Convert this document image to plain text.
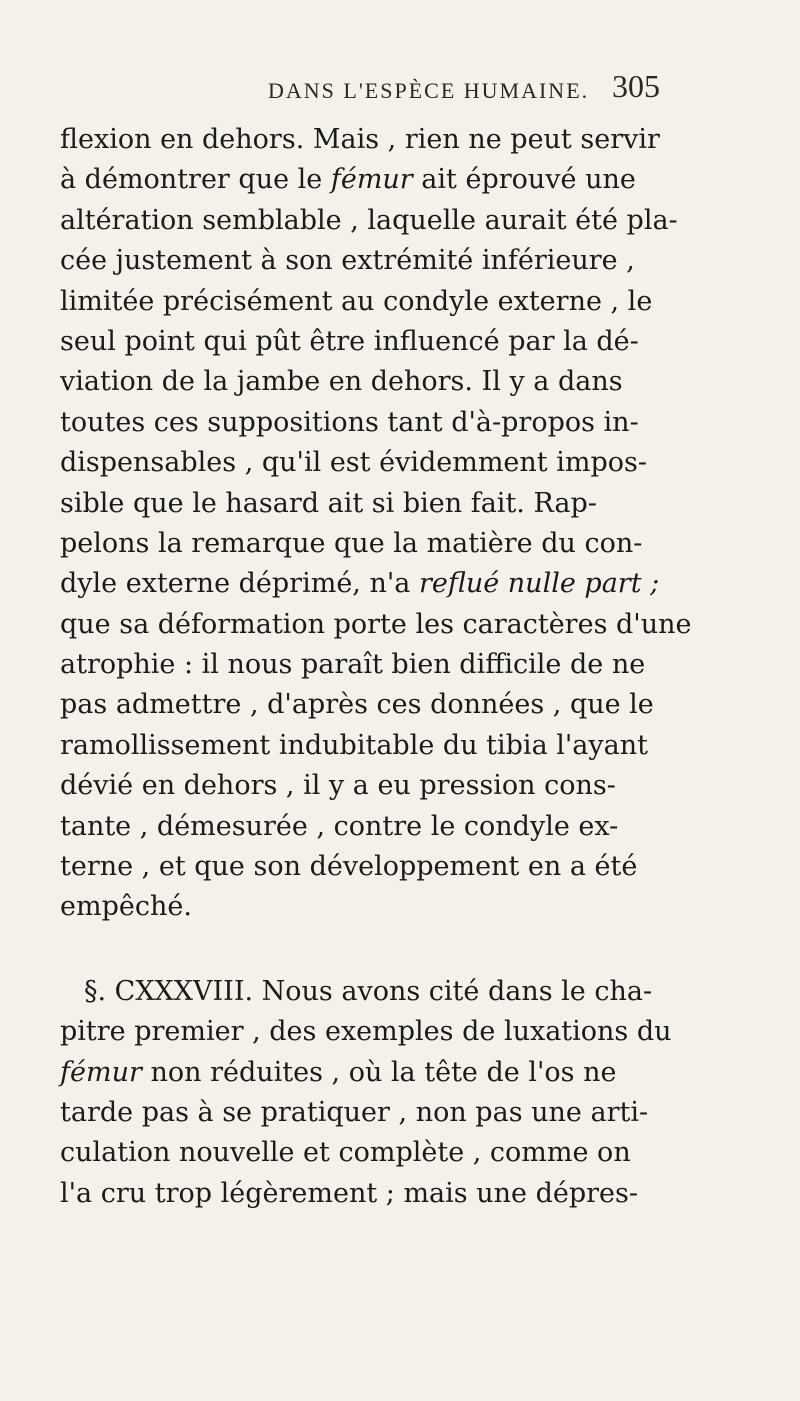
DANS L'ESPÈCE HUMAINE. 305
flexion en dehors. Mais , rien ne peut servir
à démontrer que le fémur ait éprouvé une
altération semblable , laquelle aurait été pla-
cée justement à son extrémité inférieure ,
limitée précisément au condyle externe , le
seul point qui pût être influencé par la dé-
viation de la jambe en dehors. Il y a dans
toutes ces suppositions tant d'à-propos in-
dispensables , qu'il est évidemment impos-
sible que le hasard ait si bien fait. Rap-
pelons la remarque que la matière du con-
dyle externe déprimé, n'a reflué nulle part ;
que sa déformation porte les caractères d'une
atrophie : il nous paraît bien difficile de ne
pas admettre , d'après ces données , que le
ramollissement indubitable du tibia l'ayant
dévié en dehors , il y a eu pression cons-
tante , démesurée , contre le condyle ex-
terne , et que son développement en a été
empêché.
§. CXXXVIII. Nous avons cité dans le cha-
pitre premier , des exemples de luxations du
fémur non réduites , où la tête de l'os ne
tarde pas à se pratiquer , non pas une arti-
culation nouvelle et complète , comme on
l'a cru trop légèrement ; mais une dépres-
